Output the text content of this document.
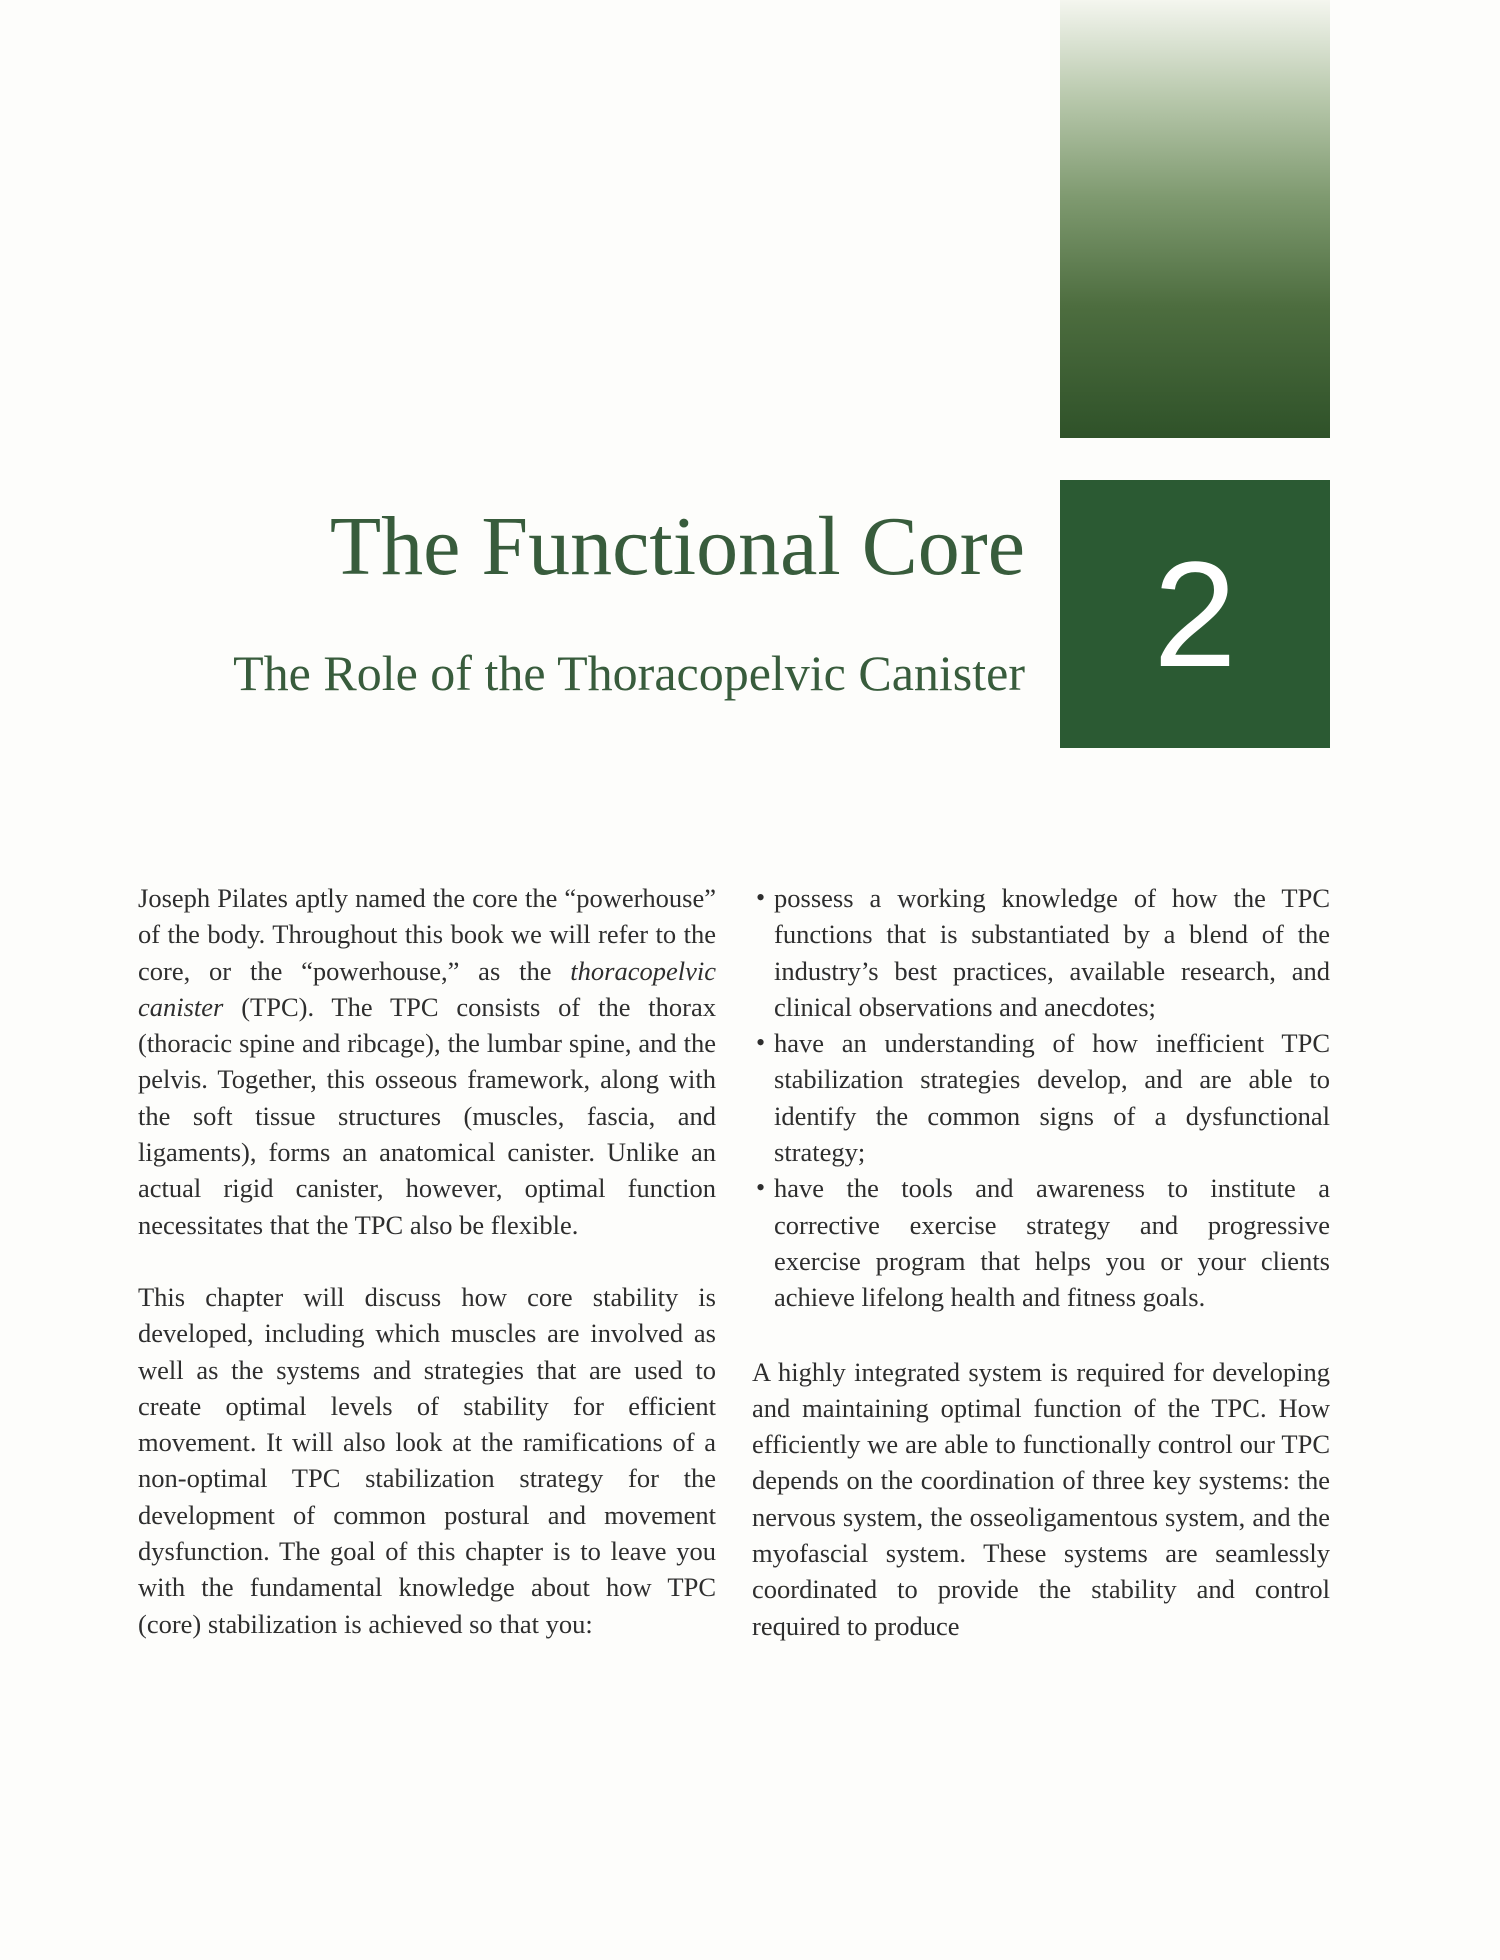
2
The Functional Core
The Role of the Thoracopelvic Canister

Joseph Pilates aptly named the core the “powerhouse” of the body. Throughout this book we will refer to the core, or the “powerhouse,” as the thoracopelvic canister (TPC). The TPC consists of the thorax (thoracic spine and ribcage), the lumbar spine, and the pelvis. Together, this osseous framework, along with the soft tissue structures (muscles, fascia, and ligaments), forms an anatomical canister. Unlike an actual rigid canister, however, optimal function necessitates that the TPC also be flexible.

This chapter will discuss how core stability is developed, including which muscles are involved as well as the systems and strategies that are used to create optimal levels of stability for efficient movement. It will also look at the ramifications of a non-optimal TPC stabilization strategy for the development of common postural and movement dysfunction. The goal of this chapter is to leave you with the fundamental knowledge about how TPC (core) stabilization is achieved so that you:

• possess a working knowledge of how the TPC functions that is substantiated by a blend of the industry’s best practices, available research, and clinical observations and anecdotes;
• have an understanding of how inefficient TPC stabilization strategies develop, and are able to identify the common signs of a dysfunctional strategy;
• have the tools and awareness to institute a corrective exercise strategy and progressive exercise program that helps you or your clients achieve lifelong health and fitness goals.

A highly integrated system is required for developing and maintaining optimal function of the TPC. How efficiently we are able to functionally control our TPC depends on the coordination of three key systems: the nervous system, the osseoligamentous system, and the myofascial system. These systems are seamlessly coordinated to provide the stability and control required to produce
